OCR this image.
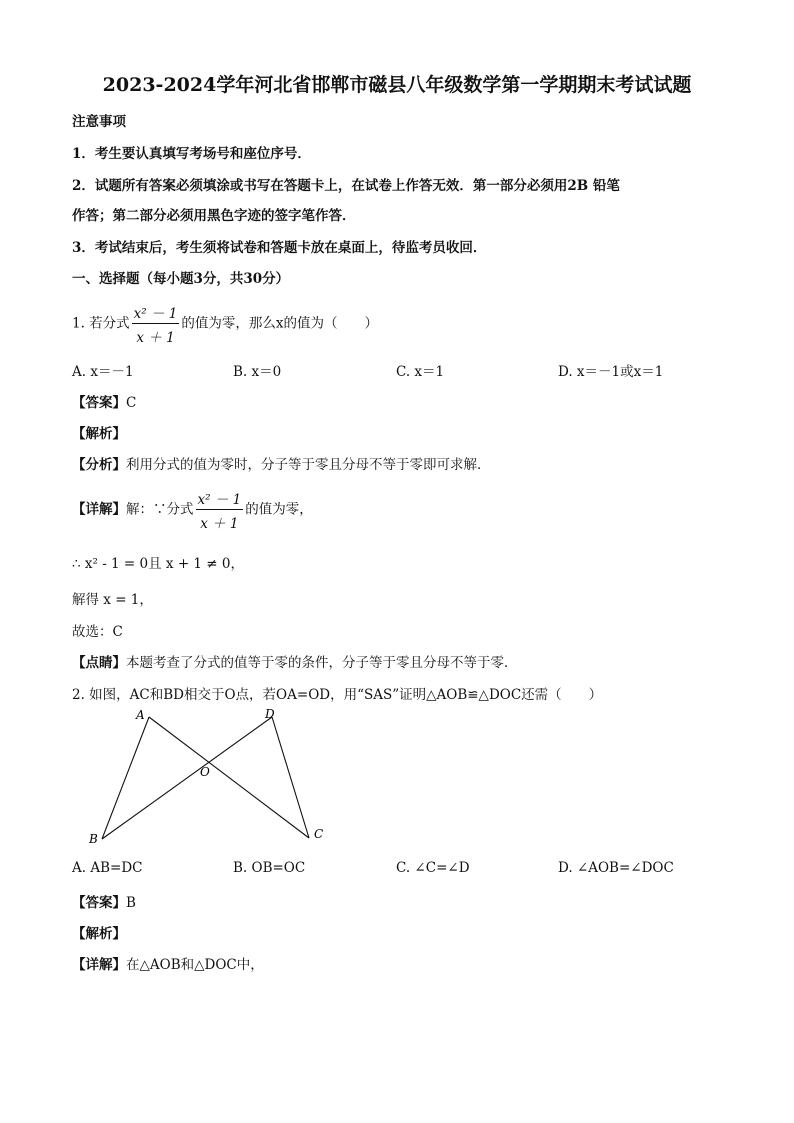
2023-2024学年河北省邯郸市磁县八年级数学第一学期期末考试试题
注意事项
1．考生要认真填写考场号和座位序号．
2．试题所有答案必须填涂或书写在答题卡上，在试卷上作答无效．第一部分必须用2B 铅笔
作答；第二部分必须用黑色字迹的签字笔作答．
3．考试结束后，考生须将试卷和答题卡放在桌面上，待监考员收回．
一、选择题（每小题3分，共30分）
1. 若分式 $\frac{\text{x² － 1}}{x + 1}$ 的值为零，那么x的值为（　　）
A. x＝－1	B. x＝0	C. x＝1	D. x＝－1或x＝1
【答案】C
【解析】
【分析】利用分式的值为零时，分子等于零且分母不等于零即可求解．
【详解】解：∵分式 $\frac{\text{x² － 1}}{x + 1}$ 的值为零，
∴ x² - 1 = 0且 x + 1 ≠ 0，
解得 x = 1，
故选：C
【点睛】本题考查了分式的值等于零的条件，分子等于零且分母不等于零．
2. 如图，AC和BD相交于O点，若OA=OD，用“SAS”证明△AOB≌△DOC还需（　　）
A	D
O
B	C
A. AB=DC	B. OB=OC	C. ∠C=∠D	D. ∠AOB=∠DOC
【答案】B
【解析】
【详解】在△AOB和△DOC中，
